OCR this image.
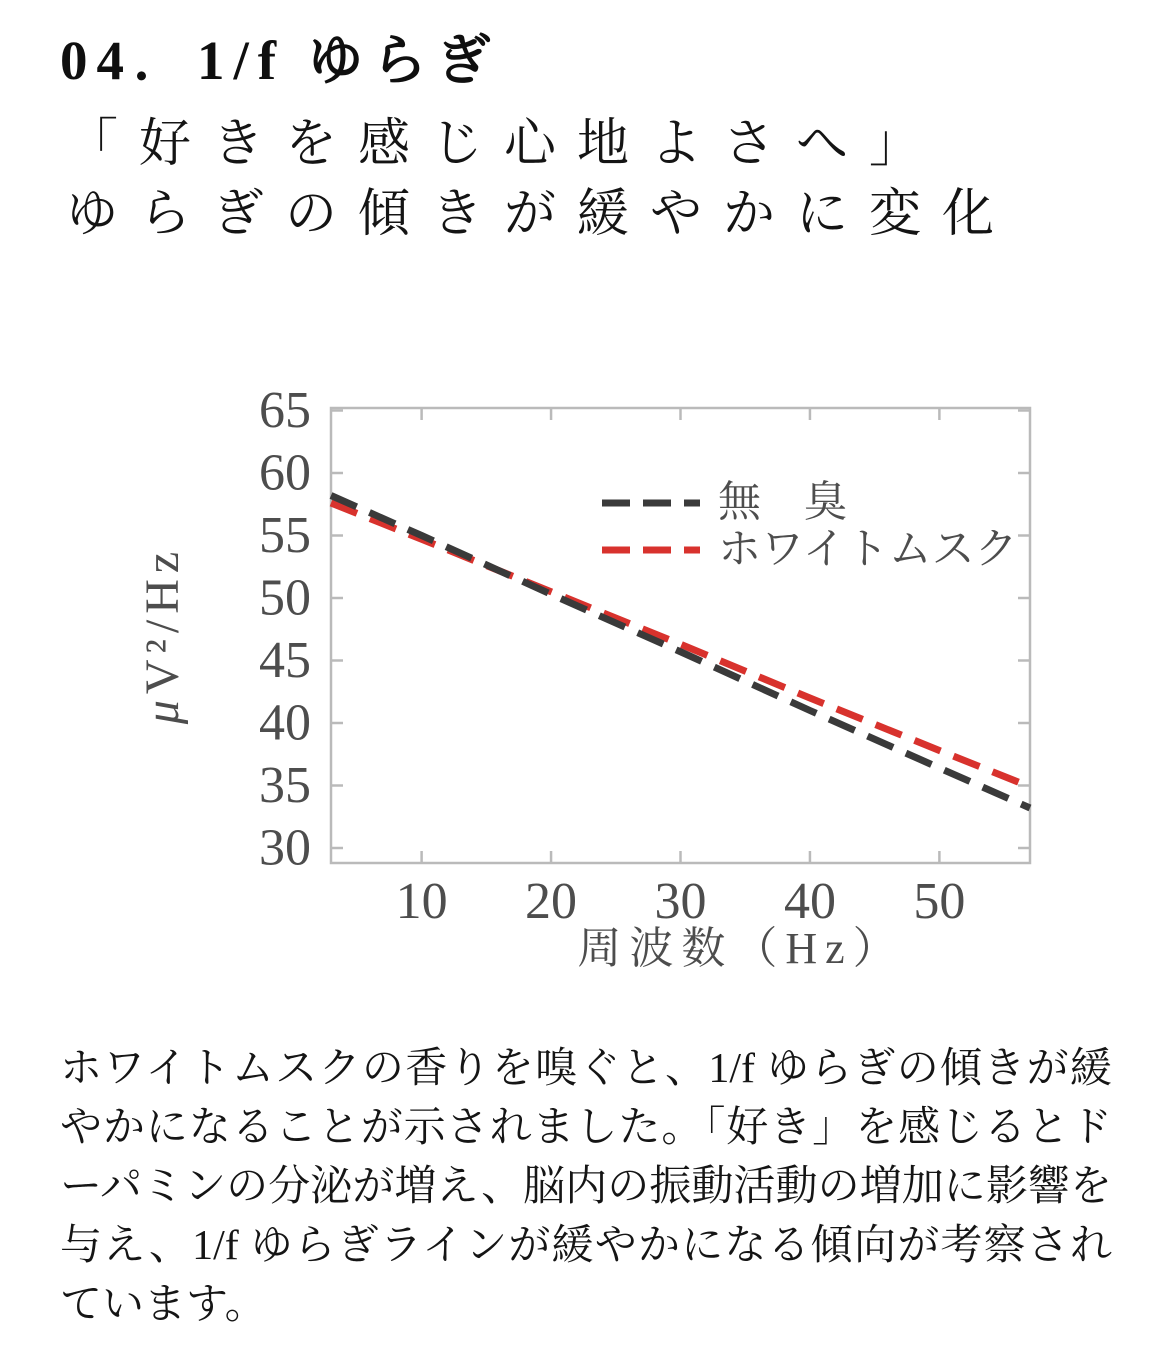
04．1/f ゆらぎ
「好きを感じ心地よさへ」
ゆらぎの傾きが緩やかに変化
10 20 30 40 50
30
35
40
45
50
55
60
65
無　臭
ホワイトムスク
周波数（Hz）
μV²/Hz

ホワイトムスクの香りを嗅ぐと、1/f ゆらぎの傾きが緩やかになることが示されました。「好き」を感じるとドーパミンの分泌が増え、脳内の振動活動の増加に影響を与え、1/f ゆらぎラインが緩やかになる傾向が考察されています。
